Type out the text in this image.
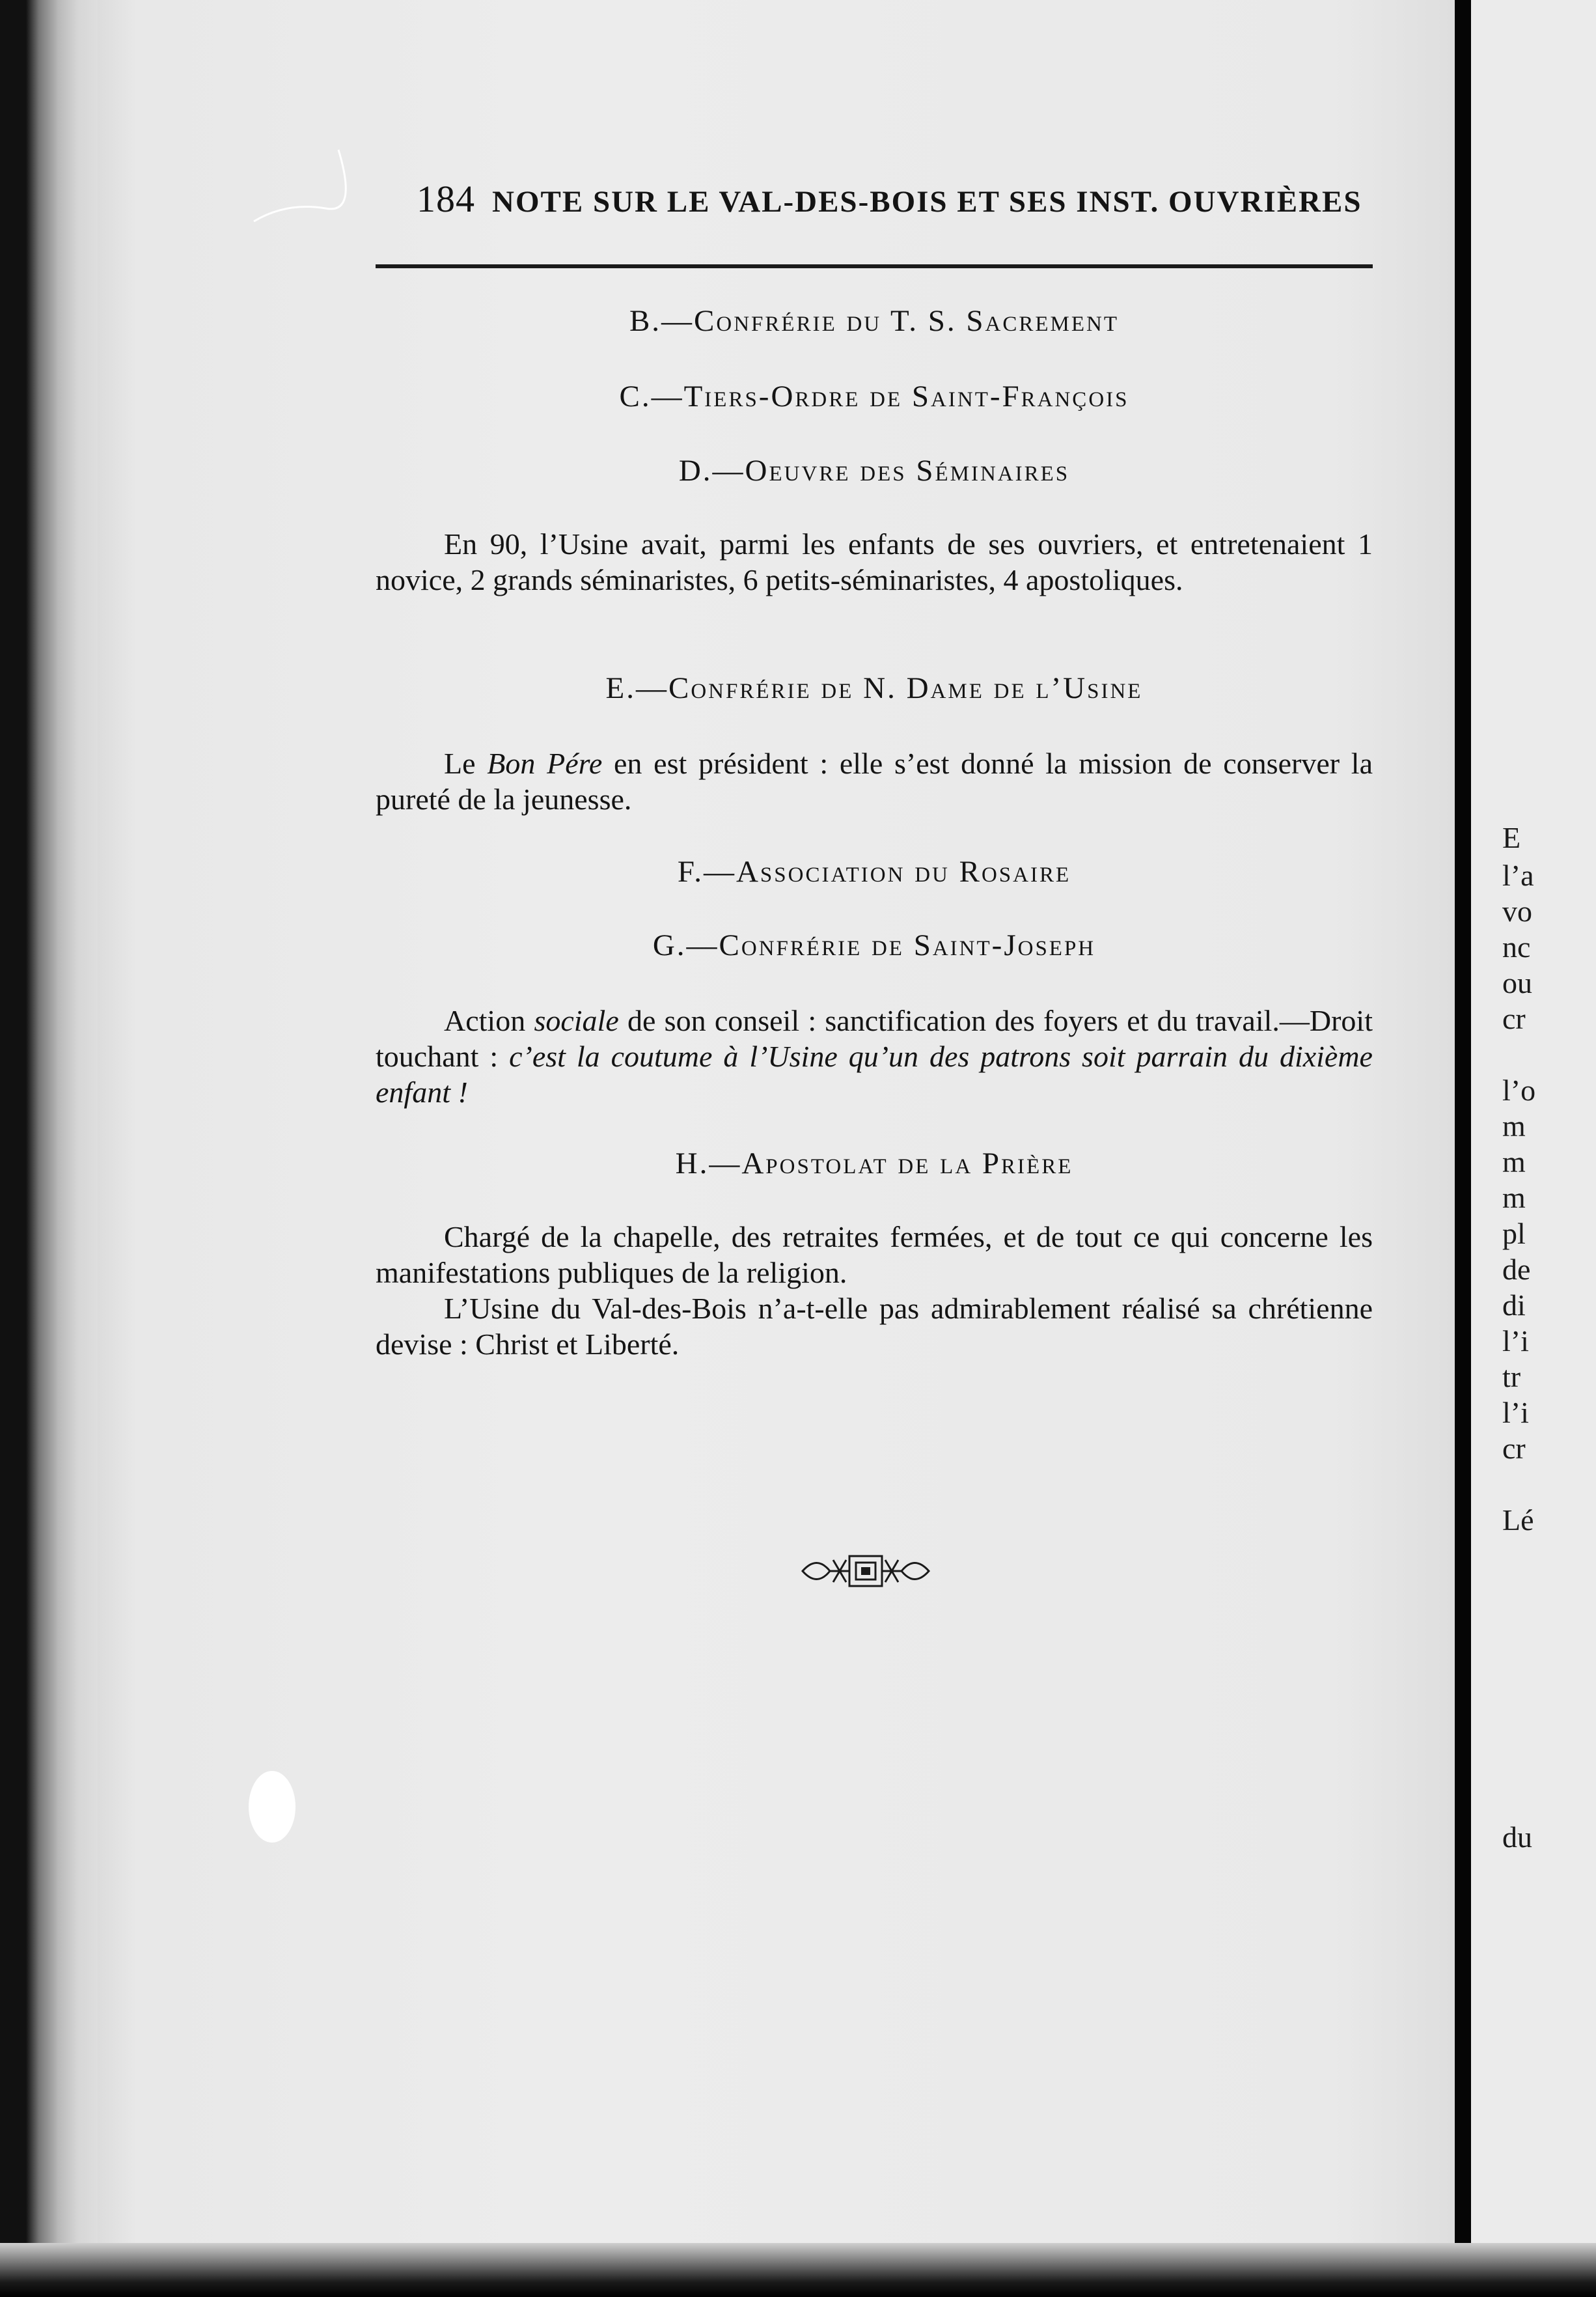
184 NOTE SUR LE VAL-DES-BOIS ET SES INST. OUVRIÈRES
B.—Confrérie du T. S. Sacrement
C.—Tiers-Ordre de Saint-François
D.—Oeuvre des Séminaires
En 90, l’Usine avait, parmi les enfants de ses ouvriers, et entretenaient 1 novice, 2 grands séminaristes, 6 petits-séminaristes, 4 apostoliques.
E.—Confrérie de N. Dame de l’Usine
Le Bon Pére en est président : elle s’est donné la mission de conserver la pureté de la jeunesse.
F.—Association du Rosaire
G.—Confrérie de Saint-Joseph
Action sociale de son conseil : sanctification des foyers et du travail.—Droit touchant : c’est la coutume à l’Usine qu’un des patrons soit parrain du dixième enfant !
H.—Apostolat de la Prière
Chargé de la chapelle, des retraites fermées, et de tout ce qui concerne les manifestations publiques de la religion.
L’Usine du Val-des-Bois n’a-t-elle pas admirablement réalisé sa chrétienne devise : Christ et Liberté.
E
l’a
vo
nc
ou
cr
l’o
m
m
m
pl
de
di
l’i
tr
l’i
cr
Lé
du
